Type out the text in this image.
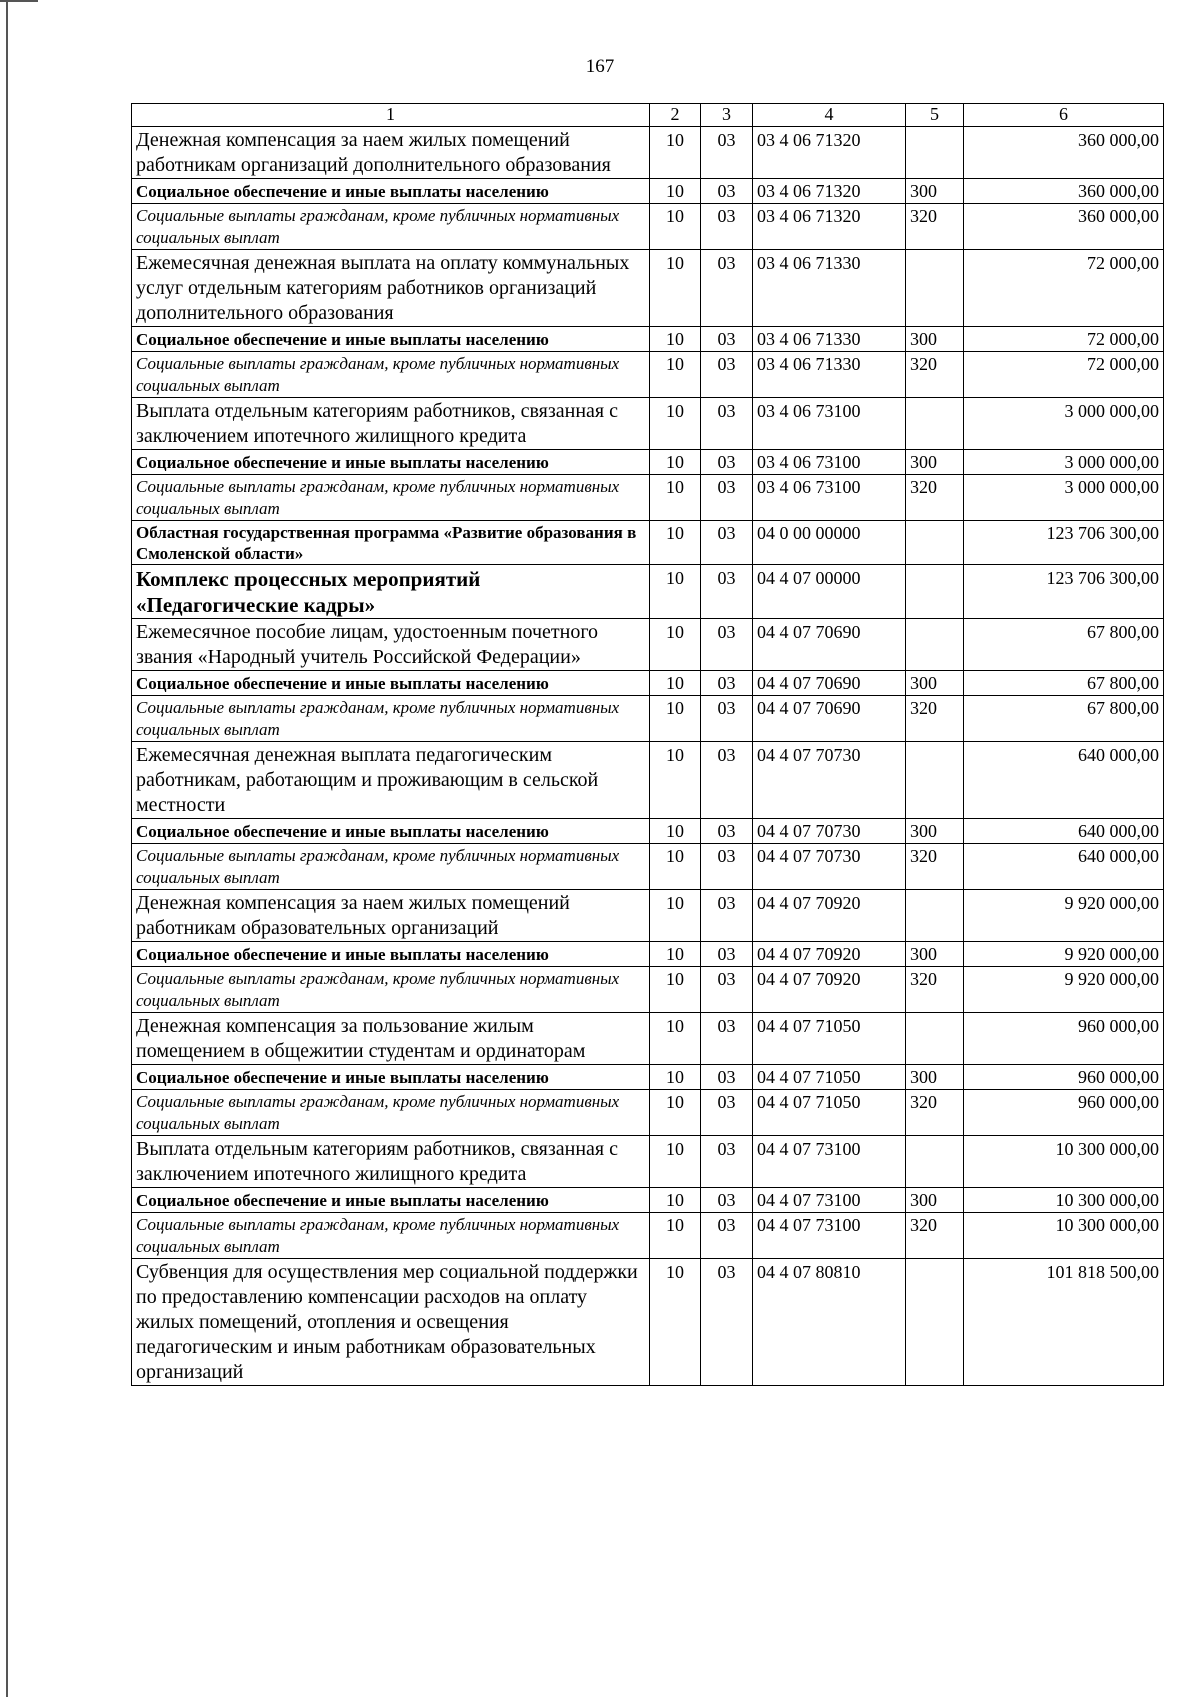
167
1	2	3	4	5	6
Денежная компенсация за наем жилых помещений работникам организаций дополнительного образования	10	03	03 4 06 71320		360 000,00
Социальное обеспечение и иные выплаты населению	10	03	03 4 06 71320	300	360 000,00
Социальные выплаты гражданам, кроме публичных нормативных социальных выплат	10	03	03 4 06 71320	320	360 000,00
Ежемесячная денежная выплата на оплату коммунальных услуг отдельным категориям работников организаций дополнительного образования	10	03	03 4 06 71330		72 000,00
Социальное обеспечение и иные выплаты населению	10	03	03 4 06 71330	300	72 000,00
Социальные выплаты гражданам, кроме публичных нормативных социальных выплат	10	03	03 4 06 71330	320	72 000,00
Выплата отдельным категориям работников, связанная с заключением ипотечного жилищного кредита	10	03	03 4 06 73100		3 000 000,00
Социальное обеспечение и иные выплаты населению	10	03	03 4 06 73100	300	3 000 000,00
Социальные выплаты гражданам, кроме публичных нормативных социальных выплат	10	03	03 4 06 73100	320	3 000 000,00
Областная государственная программа «Развитие образования в Смоленской области»	10	03	04 0 00 00000		123 706 300,00
Комплекс процессных мероприятий «Педагогические кадры»	10	03	04 4 07 00000		123 706 300,00
Ежемесячное пособие лицам, удостоенным почетного звания «Народный учитель Российской Федерации»	10	03	04 4 07 70690		67 800,00
Социальное обеспечение и иные выплаты населению	10	03	04 4 07 70690	300	67 800,00
Социальные выплаты гражданам, кроме публичных нормативных социальных выплат	10	03	04 4 07 70690	320	67 800,00
Ежемесячная денежная выплата педагогическим работникам, работающим и проживающим в сельской местности	10	03	04 4 07 70730		640 000,00
Социальное обеспечение и иные выплаты населению	10	03	04 4 07 70730	300	640 000,00
Социальные выплаты гражданам, кроме публичных нормативных социальных выплат	10	03	04 4 07 70730	320	640 000,00
Денежная компенсация за наем жилых помещений работникам образовательных организаций	10	03	04 4 07 70920		9 920 000,00
Социальное обеспечение и иные выплаты населению	10	03	04 4 07 70920	300	9 920 000,00
Социальные выплаты гражданам, кроме публичных нормативных социальных выплат	10	03	04 4 07 70920	320	9 920 000,00
Денежная компенсация за пользование жилым помещением в общежитии студентам и ординаторам	10	03	04 4 07 71050		960 000,00
Социальное обеспечение и иные выплаты населению	10	03	04 4 07 71050	300	960 000,00
Социальные выплаты гражданам, кроме публичных нормативных социальных выплат	10	03	04 4 07 71050	320	960 000,00
Выплата отдельным категориям работников, связанная с заключением ипотечного жилищного кредита	10	03	04 4 07 73100		10 300 000,00
Социальное обеспечение и иные выплаты населению	10	03	04 4 07 73100	300	10 300 000,00
Социальные выплаты гражданам, кроме публичных нормативных социальных выплат	10	03	04 4 07 73100	320	10 300 000,00
Субвенция для осуществления мер социальной поддержки по предоставлению компенсации расходов на оплату жилых помещений, отопления и освещения педагогическим и иным работникам образовательных организаций	10	03	04 4 07 80810		101 818 500,00
